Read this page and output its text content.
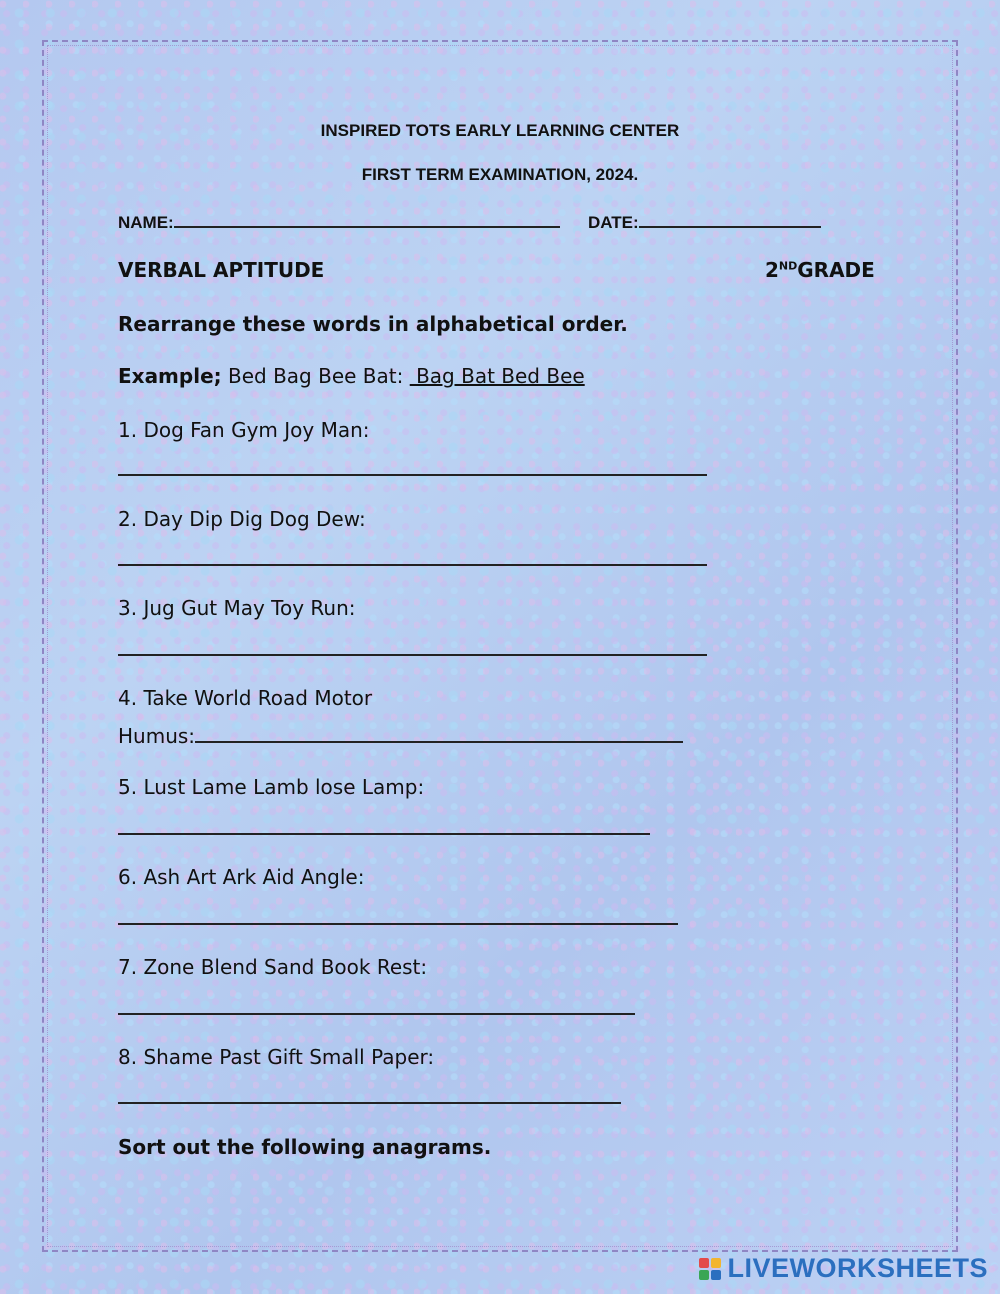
INSPIRED TOTS EARLY LEARNING CENTER
FIRST TERM EXAMINATION, 2024.
NAME:	DATE:
VERBAL APTITUDE	2NDGRADE
Rearrange these words in alphabetical order.
Example; Bed Bag Bee Bat:  Bag Bat Bed Bee
1. Dog Fan Gym Joy Man:
2. Day Dip Dig Dog Dew:
3. Jug Gut May Toy Run:
4. Take World Road Motor
Humus:
5. Lust Lame Lamb lose Lamp:
6. Ash Art Ark Aid Angle:
7. Zone Blend Sand Book Rest:
8. Shame Past Gift Small Paper:
Sort out the following anagrams.
LIVEWORKSHEETS
